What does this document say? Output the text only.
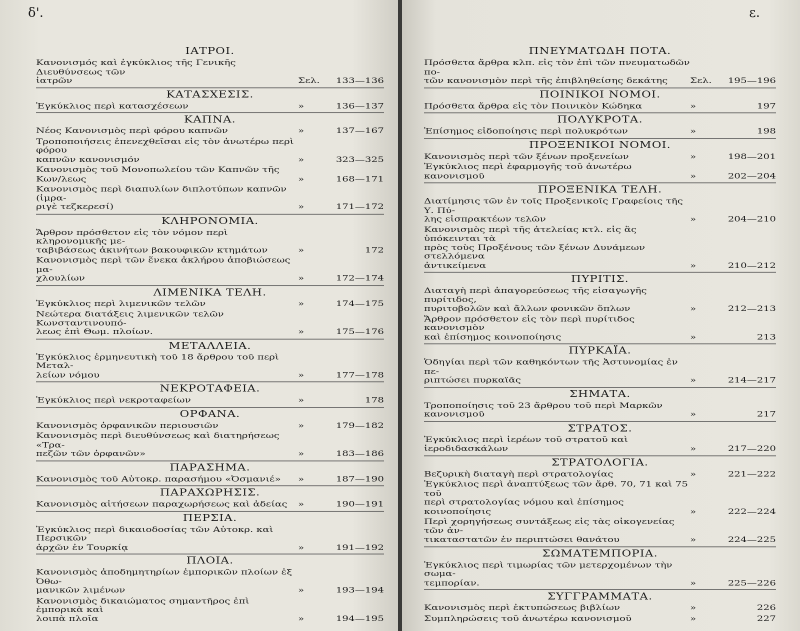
δ'.
ΙΑΤΡΟΙ.
Κανονισμός καὶ ἐγκύκλιος τῆς Γενικῆς Διευθύνσεως τῶν
ἰατρῶν	Σελ.	133—136
ΚΑΤΑΣΧΕΣΙΣ.
Ἐγκύκλιος περὶ κατασχέσεων	»	136—137
ΚΑΠΝΑ.
Νέος Κανονισμὸς περὶ φόρου καπνῶν	»	137—167
Τροποποιήσεις ἐπενεχθεῖσαι εἰς τὸν ἀνωτέρω περὶ φόρου
καπνῶν κανονισμόν	»	323—325
Κανονισμὸς τοῦ Μονοπωλείου τῶν Καπνῶν τῆς Κων/λεως	»	168—171
Κανονισμὸς περὶ διαπυλίων διπλοτύπων καπνῶν (ἰμρα-
ριγὲ τεζκερεσί)	»	171—172
ΚΛΗΡΟΝΟΜΙΑ.
Ἄρθρον πρόσθετον εἰς τὸν νόμον περὶ κληρονομικῆς με-
ταβιβάσεως ἀκινήτων βακουφικῶν κτημάτων	»	172
Κανονισμὸς περὶ τῶν ἕνεκα ἀκλήρου ἀποβιώσεως μα-
χλουλίων	»	172—174
ΛΙΜΕΝΙΚΑ ΤΕΛΗ.
Ἐγκύκλιος περὶ λιμενικῶν τελῶν	»	174—175
Νεώτερα διατάξεις λιμενικῶν τελῶν Κωνσταντινουπό-
λεως ἐπὶ Θωμ. πλοίων.	»	175—176
ΜΕΤΑΛΛΕΙΑ.
Ἐγκύκλιος ἑρμηνευτικὴ τοῦ 18 ἄρθρου τοῦ περὶ Μεταλ-
λείων νόμου	»	177—178
ΝΕΚΡΟΤΑΦΕΙΑ.
Ἐγκύκλιος περὶ νεκροταφείων	»	178
ΟΡΦΑΝΑ.
Κανονισμὸς ὀρφανικῶν περιουσιῶν	»	179—182
Κανονισμὸς περὶ διευθύνσεως καὶ διατηρήσεως «Τρα-
πεζῶν τῶν ὀρφανῶν»	»	183—186
ΠΑΡΑΣΗΜΑ.
Κανονισμὸς τοῦ Αὐτοκρ. παρασήμου «Ὀσμανιέ»	»	187—190
ΠΑΡΑΧΩΡΗΣΙΣ.
Κανονισμὸς αἰτήσεων παραχωρήσεως καὶ ἀδείας	»	190—191
ΠΕΡΣΙΑ.
Ἐγκύκλιος περὶ δικαιοδοσίας τῶν Αὐτοκρ. καὶ Περσικῶν
ἀρχῶν ἐν Τουρκίᾳ	»	191—192
ΠΛΟΙΑ.
Κανονισμὸς ἀποδημητηρίων ἐμπορικῶν πλοίων ἐξ Ὀθω-
μανικῶν λιμένων	»	193—194
Κανονισμὸς δικαιώματος σημαντῆρος ἐπὶ ἐμπορικὰ καὶ
λοιπὰ πλοῖα	»	194—195
ε.
ΠΝΕΥΜΑΤΩΔΗ ΠΟΤΑ.
Πρόσθετα ἄρθρα κλπ. εἰς τὸν ἐπὶ τῶν πνευματωδῶν πο-
τῶν κανονισμὸν περὶ τῆς ἐπιβληθείσης δεκάτης	Σελ.	195—196
ΠΟΙΝΙΚΟΙ ΝΟΜΟΙ.
Πρόσθετα ἄρθρα εἰς τὸν Ποινικὸν Κώδηκα	»	197
ΠΟΛΥΚΡΟΤΑ.
Ἐπίσημος εἰδοποίησις περὶ πολυκρότων	»	198
ΠΡΟΞΕΝΙΚΟΙ ΝΟΜΟΙ.
Κανονισμὸς περὶ τῶν ξένων προξενείων	»	198—201
Ἐγκύκλιος περὶ ἐφαρμογῆς τοῦ ἀνωτέρω κανονισμοῦ	»	202—204
ΠΡΟΞΕΝΙΚΑ ΤΕΛΗ.
Διατίμησις τῶν ἐν τοῖς Προξενικοῖς Γραφείοις τῆς Υ. Πύ-
λης εἰσπρακτέων τελῶν	»	204—210
Κανονισμὸς περὶ τῆς ἀτελείας κτλ. εἰς ἃς ὑπόκεινται τὰ
πρὸς τοὺς Προξένους τῶν ξένων Δυνάμεων στελλόμενα
ἀντικείμενα	»	210—212
ΠΥΡΙΤΙΣ.
Διαταγὴ περὶ ἀπαγορεύσεως τῆς εἰσαγωγῆς πυρίτιδος,
πυριτοβολῶν καὶ ἄλλων φονικῶν ὅπλων	»	212—213
Ἄρθρον πρόσθετον εἰς τὸν περὶ πυρίτιδος κανονισμὸν
καὶ ἐπίσημος κοινοποίησις	»	213
ΠΥΡΚΑΪΑ.
Ὁδηγίαι περὶ τῶν καθηκόντων τῆς Ἀστυνομίας ἐν πε-
ριπτώσει πυρκαϊᾶς	»	214—217
ΣΗΜΑΤΑ.
Τροποποίησις τοῦ 23 ἄρθρου τοῦ περὶ Μαρκῶν κανονισμοῦ	»	217
ΣΤΡΑΤΟΣ.
Ἐγκύκλιος περὶ ἱερέων τοῦ στρατοῦ καὶ ἱεροδιδασκάλων	»	217—220
ΣΤΡΑΤΟΛΟΓΙΑ.
Βεζυρικὴ διαταγὴ περὶ στρατολογίας	»	221—222
Ἐγκύκλιος περὶ ἀναπτύξεως τῶν ἄρθ. 70, 71 καὶ 75 τοῦ
περὶ στρατολογίας νόμου καὶ ἐπίσημος κοινοποίησις	»	222—224
Περὶ χορηγήσεως συντάξεως εἰς τὰς οἰκογενείας τῶν ἀν-
τικαταστατῶν ἐν περιπτώσει θανάτου	»	224—225
ΣΩΜΑΤΕΜΠΟΡΙΑ.
Ἐγκύκλιος περὶ τιμωρίας τῶν μετερχομένων τὴν σωμα-
τεμπορίαν.	»	225—226
ΣΥΓΓΡΑΜΜΑΤΑ.
Κανονισμὸς περὶ ἐκτυπώσεως βιβλίων	»	226
Συμπληρώσεις τοῦ ἀνωτέρω κανονισμοῦ	»	227
